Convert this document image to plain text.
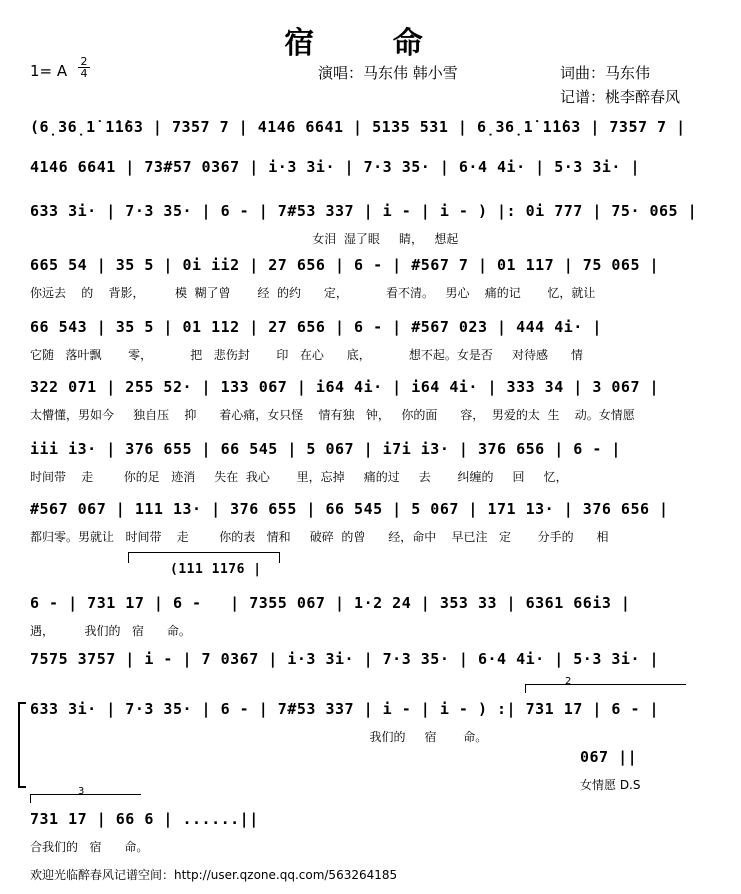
宿 命
1= A
2
4	演唱：马东伟 韩小雪	词曲：马东伟
记谱：桃李醉春风
(6̣36̣1̇ 1̇1̇63 | 7357 7 | 4146 6641 | 5135 531 | 6̣36̣1̇ 1̇1̇63 | 7357 7 |
4146 6641 | 73#57 0367 | i·3 3i· | 7·3 35· | 6·4 4i· | 5·3 3i· |
633 3i· | 7·3 35· | 6 - | 7#53 337 | i - | i - ) |: 0i 777 | 75· 065 |
女泪  湿了眼     睛，   想起
665 54 | 35 5 | 0i ii2 | 27 656 | 6 - | #567 7 | 01 117 | 75 065 |
你远去    的    背影，        模  糊了曾       经  的约      定，          看不清。   男心    痛的记       忆，就让
66 543 | 35 5 | 01 112 | 27 656 | 6 - | #567 023 | 444 4i· |
它随   落叶飘       零，          把   悲伤封       印   在心      底，          想不起。女是否     对待感      情
322 071 | 255 52· | 133 067 | i64 4i· | i64 4i· | 333 34 | 3 067 |
太懵懂，男如今     独自压    抑      着心痛，女只怪    情有独   钟，   你的面      容，  男爱的太  生    动。女情愿
iii i3· | 376 655 | 66 545 | 5 067 | i7i i3· | 376 656 | 6 - |
时间带    走        你的足   迹消     失在  我心       里，忘掉     痛的过     去       纠缠的     回     忆，
#567 067 | 111 13· | 376 655 | 66 545 | 5 067 | 171 13· | 376 656 |
都归零。男就让   时间带    走        你的表   情和     破碎  的曾      经，命中    早已注   定       分手的      相
(111 1176 |
6 - | 731 17 | 6 -   | 7355 067 | 1·2 24 | 353 33 | 6361 66i3 |
遇，        我们的   宿      命。
7575 3757 | i - | 7 0367 | i·3 3i· | 7·3 35· | 6·4 4i· | 5·3 3i· |
2
633 3i· | 7·3 35· | 6 - | 7#53 337 | i - | i - ) :| 731 17 | 6 - |
我们的     宿       命。
067 ||
女情愿 D.S
3
731 17 | 66 6 | ......||
合我们的   宿      命。
欢迎光临醉春风记谱空间：http://user.qzone.qq.com/563264185
